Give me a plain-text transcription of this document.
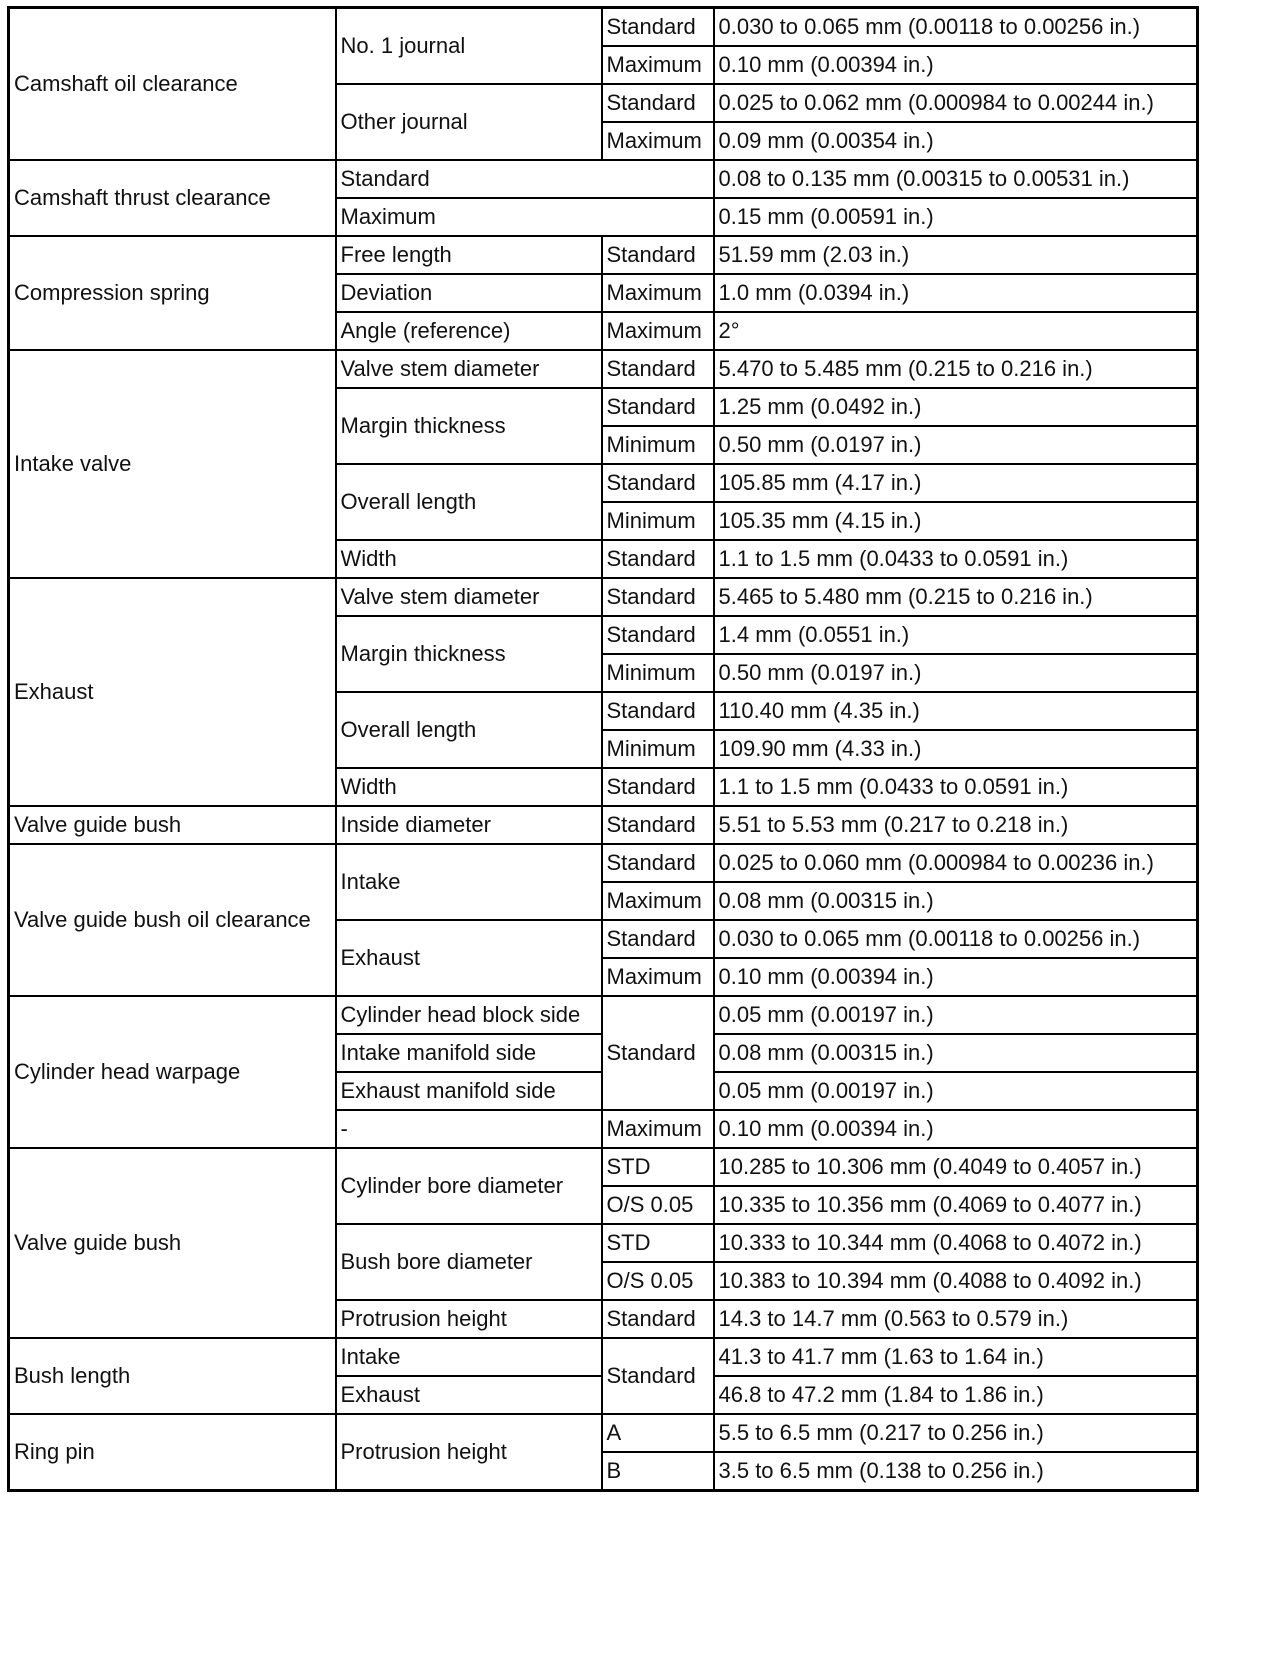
Camshaft oil clearance	No. 1 journal	Standard	0.030 to 0.065 mm (0.00118 to 0.00256 in.)
		Maximum	0.10 mm (0.00394 in.)
	Other journal	Standard	0.025 to 0.062 mm (0.000984 to 0.00244 in.)
		Maximum	0.09 mm (0.00354 in.)
Camshaft thrust clearance	Standard		0.08 to 0.135 mm (0.00315 to 0.00531 in.)
	Maximum		0.15 mm (0.00591 in.)
Compression spring	Free length	Standard	51.59 mm (2.03 in.)
	Deviation	Maximum	1.0 mm (0.0394 in.)
	Angle (reference)	Maximum	2°
Intake valve	Valve stem diameter	Standard	5.470 to 5.485 mm (0.215 to 0.216 in.)
	Margin thickness	Standard	1.25 mm (0.0492 in.)
		Minimum	0.50 mm (0.0197 in.)
	Overall length	Standard	105.85 mm (4.17 in.)
		Minimum	105.35 mm (4.15 in.)
	Width	Standard	1.1 to 1.5 mm (0.0433 to 0.0591 in.)
Exhaust	Valve stem diameter	Standard	5.465 to 5.480 mm (0.215 to 0.216 in.)
	Margin thickness	Standard	1.4 mm (0.0551 in.)
		Minimum	0.50 mm (0.0197 in.)
	Overall length	Standard	110.40 mm (4.35 in.)
		Minimum	109.90 mm (4.33 in.)
	Width	Standard	1.1 to 1.5 mm (0.0433 to 0.0591 in.)
Valve guide bush	Inside diameter	Standard	5.51 to 5.53 mm (0.217 to 0.218 in.)
Valve guide bush oil clearance	Intake	Standard	0.025 to 0.060 mm (0.000984 to 0.00236 in.)
		Maximum	0.08 mm (0.00315 in.)
	Exhaust	Standard	0.030 to 0.065 mm (0.00118 to 0.00256 in.)
		Maximum	0.10 mm (0.00394 in.)
Cylinder head warpage	Cylinder head block side	Standard	0.05 mm (0.00197 in.)
	Intake manifold side		0.08 mm (0.00315 in.)
	Exhaust manifold side		0.05 mm (0.00197 in.)
	-	Maximum	0.10 mm (0.00394 in.)
Valve guide bush	Cylinder bore diameter	STD	10.285 to 10.306 mm (0.4049 to 0.4057 in.)
		O/S 0.05	10.335 to 10.356 mm (0.4069 to 0.4077 in.)
	Bush bore diameter	STD	10.333 to 10.344 mm (0.4068 to 0.4072 in.)
		O/S 0.05	10.383 to 10.394 mm (0.4088 to 0.4092 in.)
	Protrusion height	Standard	14.3 to 14.7 mm (0.563 to 0.579 in.)
Bush length	Intake	Standard	41.3 to 41.7 mm (1.63 to 1.64 in.)
	Exhaust		46.8 to 47.2 mm (1.84 to 1.86 in.)
Ring pin	Protrusion height	A	5.5 to 6.5 mm (0.217 to 0.256 in.)
		B	3.5 to 6.5 mm (0.138 to 0.256 in.)
